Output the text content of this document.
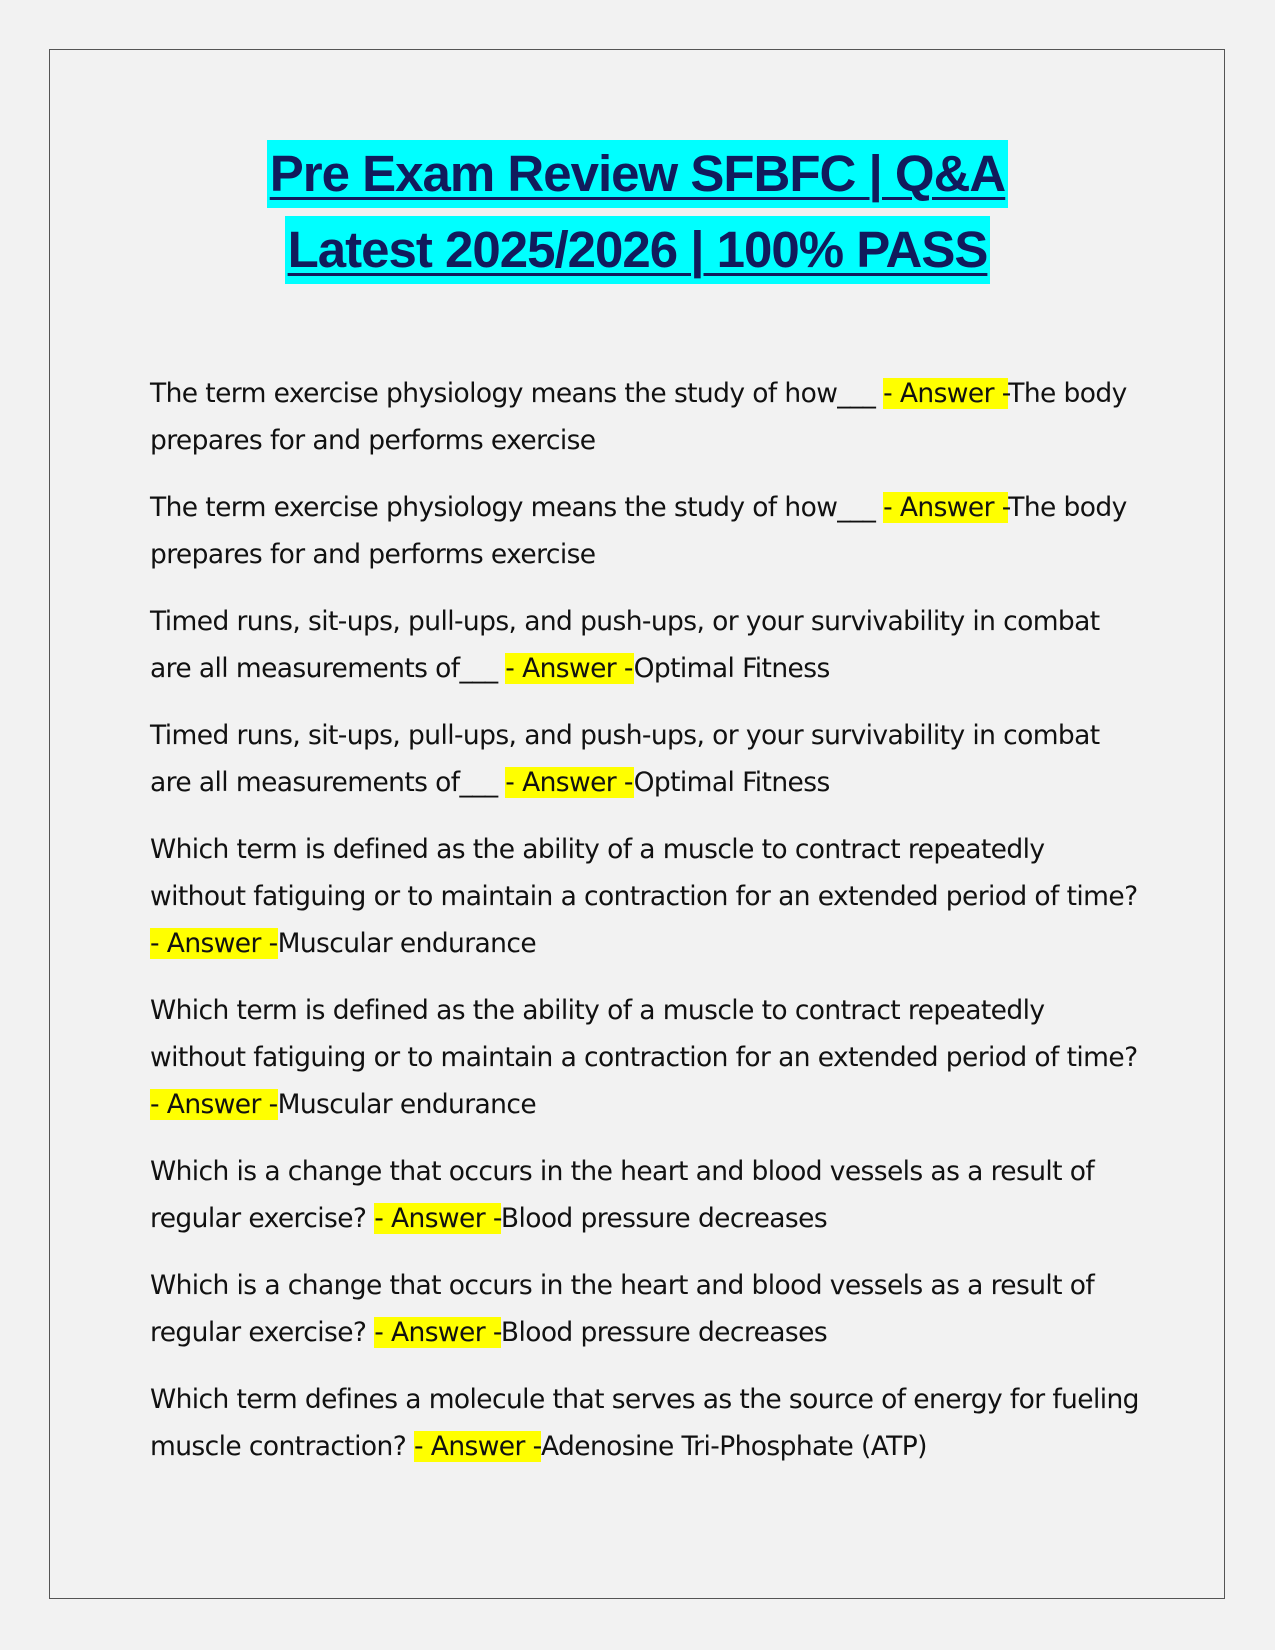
Pre Exam Review SFBFC | Q&A
Latest 2025/2026 | 100% PASS

The term exercise physiology means the study of how___ - Answer -The body prepares for and performs exercise

The term exercise physiology means the study of how___ - Answer -The body prepares for and performs exercise

Timed runs, sit-ups, pull-ups, and push-ups, or your survivability in combat are all measurements of___ - Answer -Optimal Fitness

Timed runs, sit-ups, pull-ups, and push-ups, or your survivability in combat are all measurements of___ - Answer -Optimal Fitness

Which term is defined as the ability of a muscle to contract repeatedly without fatiguing or to maintain a contraction for an extended period of time? - Answer -Muscular endurance

Which term is defined as the ability of a muscle to contract repeatedly without fatiguing or to maintain a contraction for an extended period of time? - Answer -Muscular endurance

Which is a change that occurs in the heart and blood vessels as a result of regular exercise? - Answer -Blood pressure decreases

Which is a change that occurs in the heart and blood vessels as a result of regular exercise? - Answer -Blood pressure decreases

Which term defines a molecule that serves as the source of energy for fueling muscle contraction? - Answer -Adenosine Tri-Phosphate (ATP)
